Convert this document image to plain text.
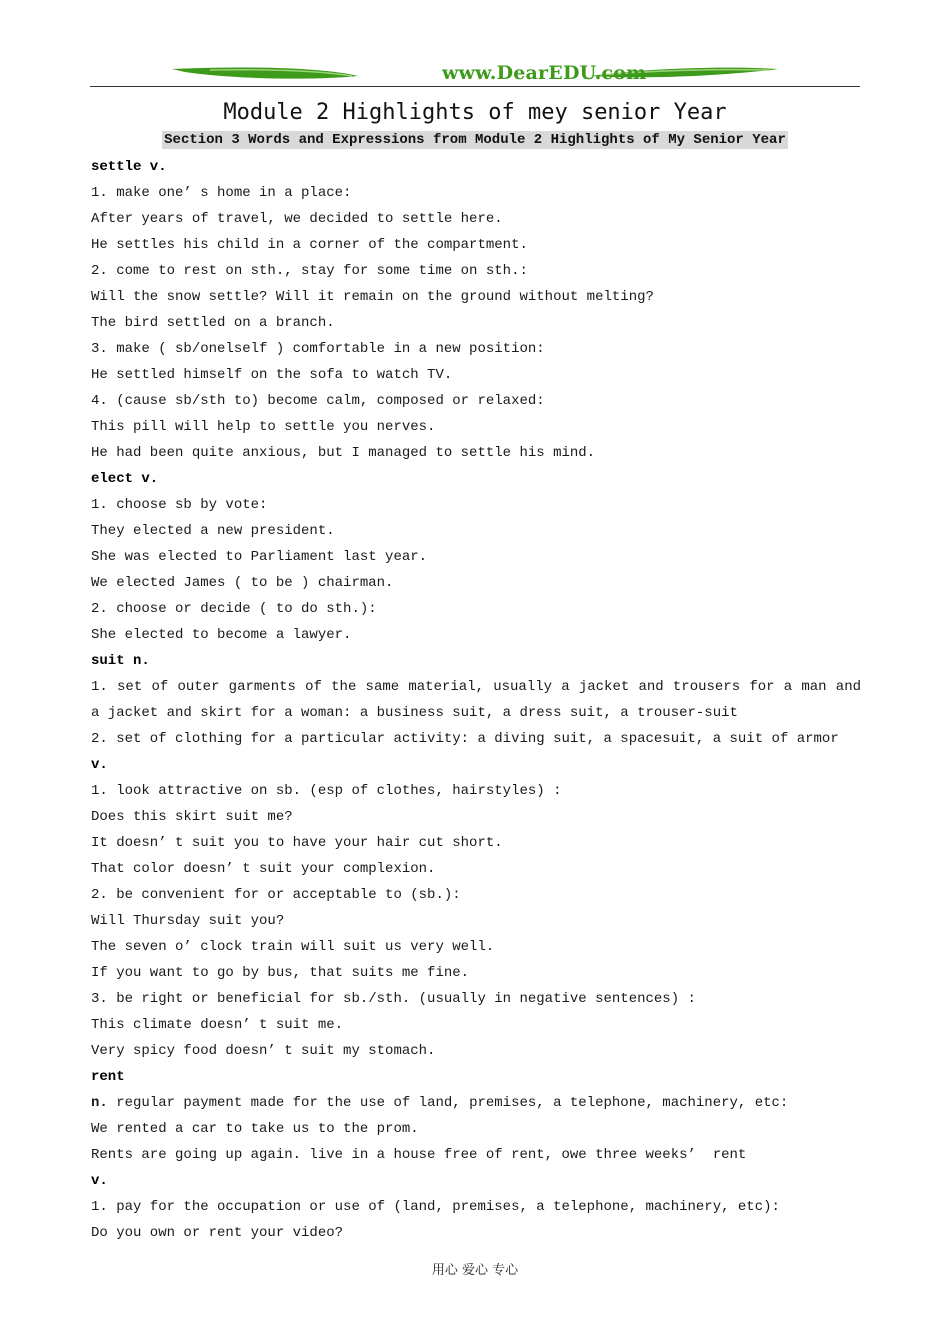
www.DearEDU.com
Module 2 Highlights of mey senior Year
Section 3 Words and Expressions from Module 2 Highlights of My Senior Year
settle v.
1. make one’ s home in a place:
After years of travel, we decided to settle here.
He settles his child in a corner of the compartment.
2. come to rest on sth., stay for some time on sth.:
Will the snow settle? Will it remain on the ground without melting?
The bird settled on a branch.
3. make ( sb/onelself ) comfortable in a new position:
He settled himself on the sofa to watch TV.
4. (cause sb/sth to) become calm, composed or relaxed:
This pill will help to settle you nerves.
He had been quite anxious, but I managed to settle his mind.
elect v.
1. choose sb by vote:
They elected a new president.
She was elected to Parliament last year.
We elected James ( to be ) chairman.
2. choose or decide ( to do sth.):
She elected to become a lawyer.
suit n.
1. set of outer garments of the same material, usually a jacket and trousers for a man and
a jacket and skirt for a woman: a business suit, a dress suit, a trouser-suit
2. set of clothing for a particular activity: a diving suit, a spacesuit, a suit of armor
v.
1. look attractive on sb. (esp of clothes, hairstyles) :
Does this skirt suit me?
It doesn’ t suit you to have your hair cut short.
That color doesn’ t suit your complexion.
2. be convenient for or acceptable to (sb.):
Will Thursday suit you?
The seven o’ clock train will suit us very well.
If you want to go by bus, that suits me fine.
3. be right or beneficial for sb./sth. (usually in negative sentences) :
This climate doesn’ t suit me.
Very spicy food doesn’ t suit my stomach.
rent
n. regular payment made for the use of land, premises, a telephone, machinery, etc:
We rented a car to take us to the prom.
Rents are going up again. live in a house free of rent, owe three weeks’  rent
v.
1. pay for the occupation or use of (land, premises, a telephone, machinery, etc):
Do you own or rent your video?
用心 爱心 专心
